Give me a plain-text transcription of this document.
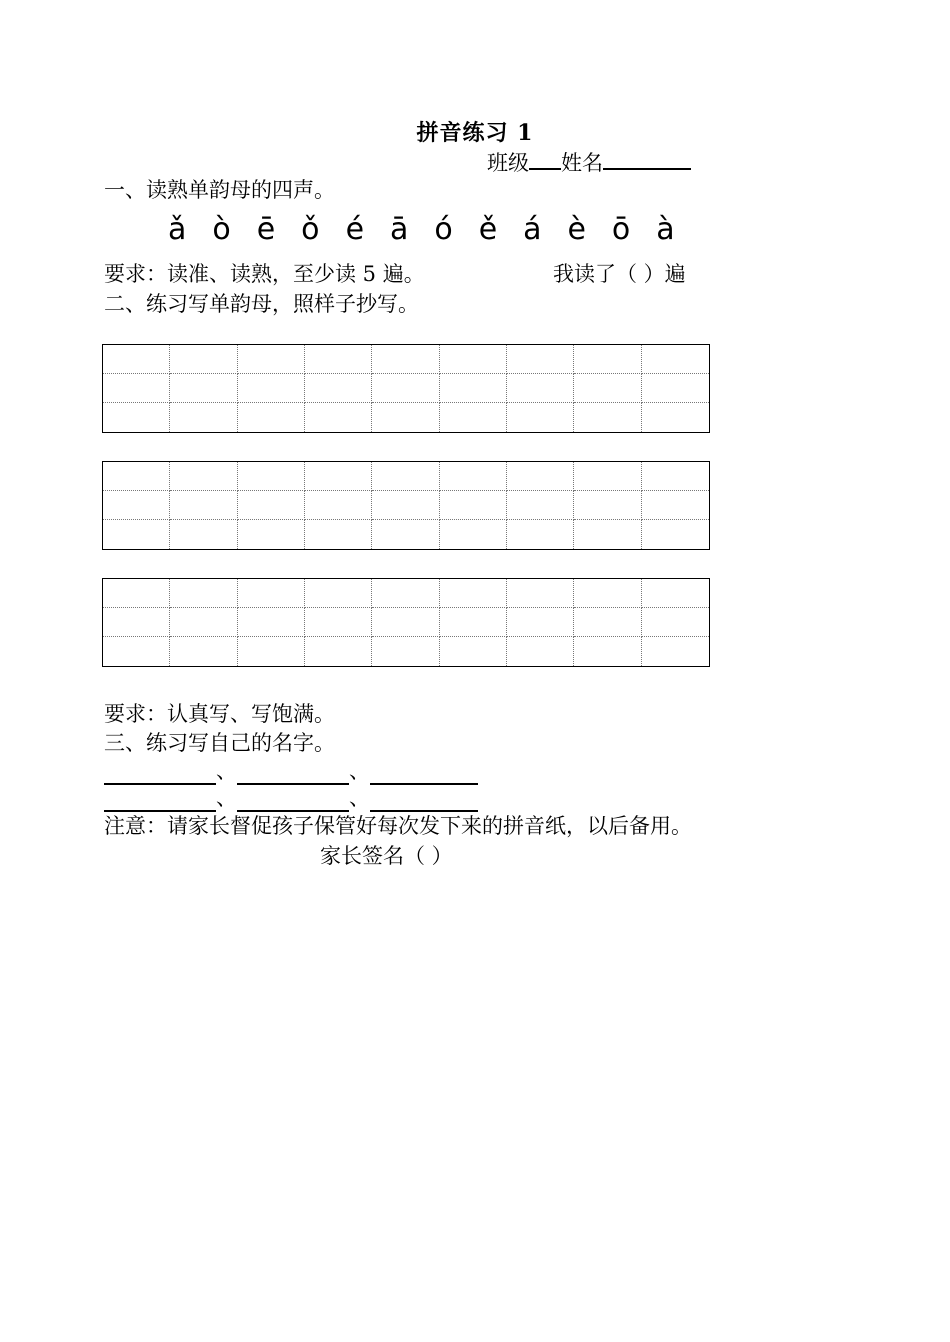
拼音练习 1
班级 姓名
一、读熟单韵母的四声。
ǎ ò ē ǒ é ā ó ě á è ō à
要求：读准、读熟，至少读 5 遍。	我读了（ ）遍
二、练习写单韵母，照样子抄写。
要求：认真写、写饱满。
三、练习写自己的名字。
、	、
、	、
注意：请家长督促孩子保管好每次发下来的拼音纸，以后备用。
家长签名（ ）
